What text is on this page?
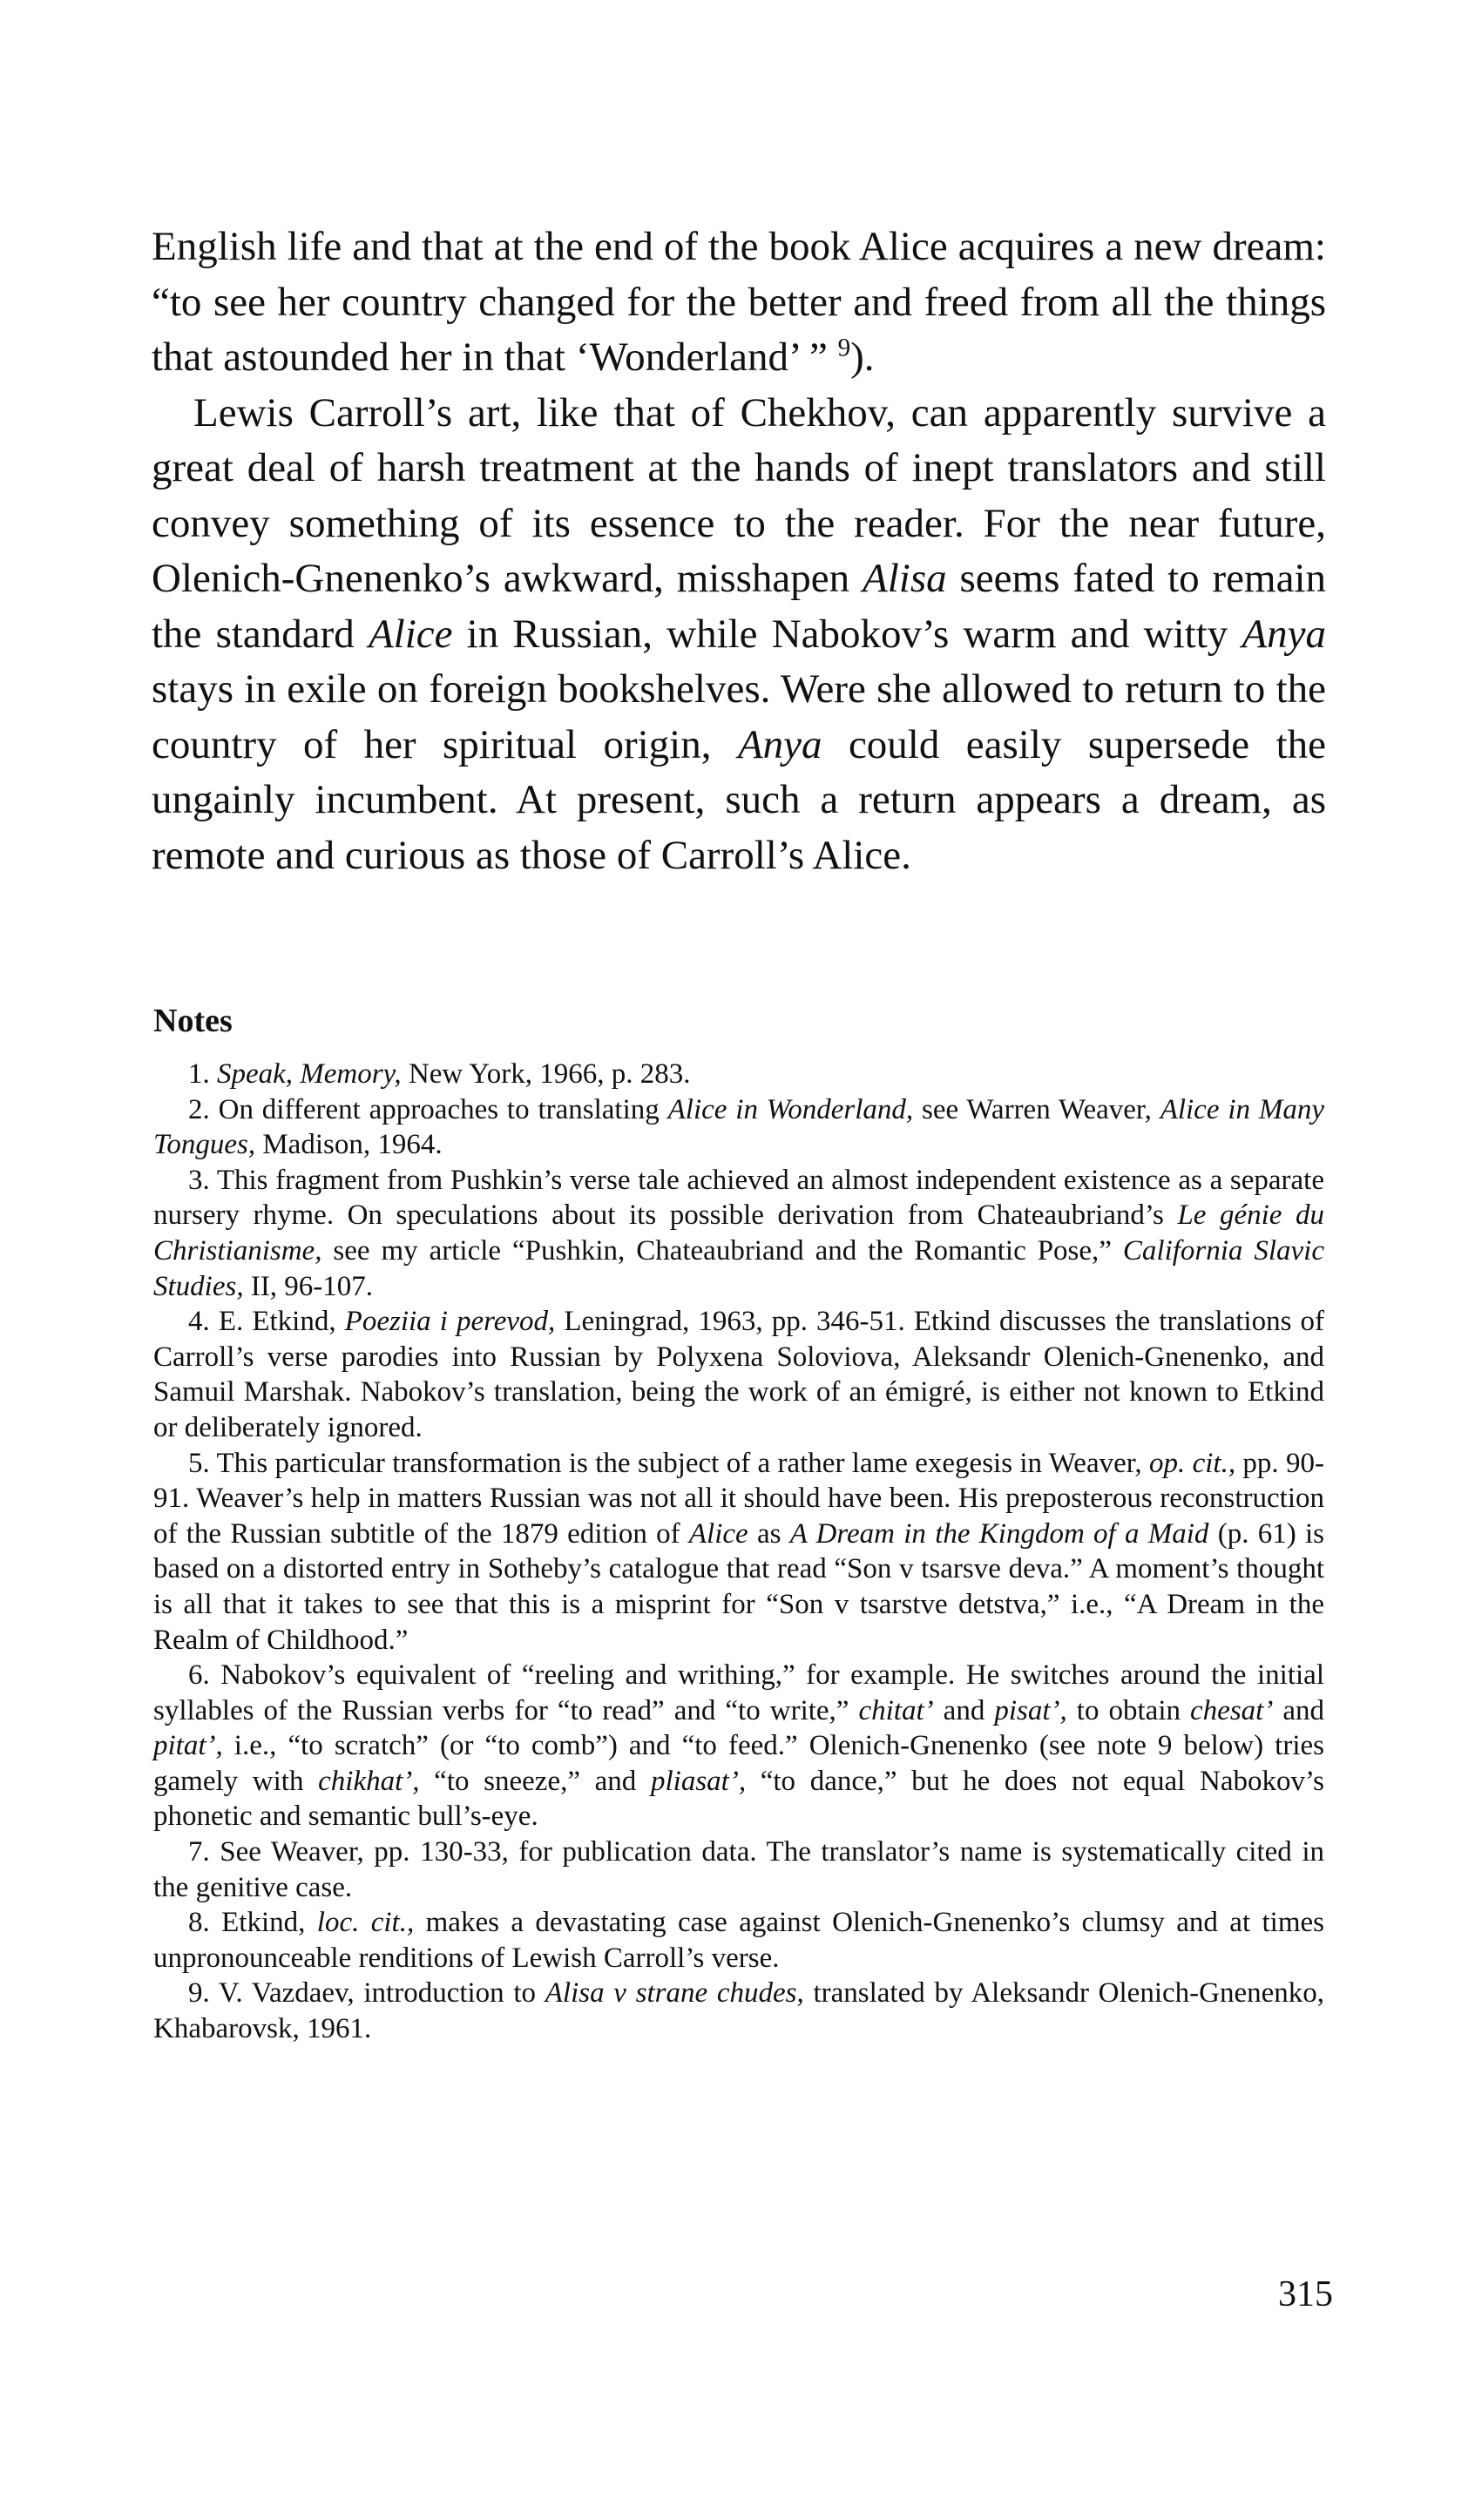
English life and that at the end of the book Alice acquires a new dream: “to see her country changed for the better and freed from all the things that astounded her in that ‘Wonderland’ ” $^9$).

Lewis Carroll’s art, like that of Chekhov, can apparently survive a great deal of harsh treatment at the hands of inept translators and still convey something of its essence to the reader. For the near future, Olenich-Gnenenko’s awkward, misshapen Alisa seems fated to remain the standard Alice in Russian, while Nabokov’s warm and witty Anya stays in exile on foreign bookshelves. Were she allowed to return to the country of her spiritual origin, Anya could easily supersede the ungainly incumbent. At present, such a return appears a dream, as remote and curious as those of Carroll’s Alice.

Notes

1. Speak, Memory, New York, 1966, p. 283.

2. On different approaches to translating Alice in Wonderland, see Warren Weaver, Alice in Many Tongues, Madison, 1964.

3. This fragment from Pushkin’s verse tale achieved an almost independent existence as a separate nursery rhyme. On speculations about its possible derivation from Chateaubriand’s Le génie du Christianisme, see my article “Pushkin, Chateaubriand and the Romantic Pose,” California Slavic Studies, II, 96-107.

4. E. Etkind, Poeziia i perevod, Leningrad, 1963, pp. 346-51. Etkind discusses the translations of Carroll’s verse parodies into Russian by Polyxena Soloviova, Aleksandr Olenich-Gnenenko, and Samuil Marshak. Nabokov’s translation, being the work of an émigré, is either not known to Etkind or deliberately ignored.

5. This particular transformation is the subject of a rather lame exegesis in Weaver, op. cit., pp. 90-91. Weaver’s help in matters Russian was not all it should have been. His preposterous reconstruction of the Russian subtitle of the 1879 edition of Alice as A Dream in the Kingdom of a Maid (p. 61) is based on a distorted entry in Sotheby’s catalogue that read “Son v tsarsve deva.” A moment’s thought is all that it takes to see that this is a misprint for “Son v tsarstve detstva,” i.e., “A Dream in the Realm of Childhood.”

6. Nabokov’s equivalent of “reeling and writhing,” for example. He switches around the initial syllables of the Russian verbs for “to read” and “to write,” chitat’ and pisat’, to obtain chesat’ and pitat’, i.e., “to scratch” (or “to comb”) and “to feed.” Olenich-Gnenenko (see note 9 below) tries gamely with chikhat’, “to sneeze,” and pliasat’, “to dance,” but he does not equal Nabokov’s phonetic and semantic bull’s-eye.

7. See Weaver, pp. 130-33, for publication data. The translator’s name is systematically cited in the genitive case.

8. Etkind, loc. cit., makes a devastating case against Olenich-Gnenenko’s clumsy and at times unpronounceable renditions of Lewish Carroll’s verse.

9. V. Vazdaev, introduction to Alisa v strane chudes, translated by Aleksandr Olenich-Gnenenko, Khabarovsk, 1961.

315
